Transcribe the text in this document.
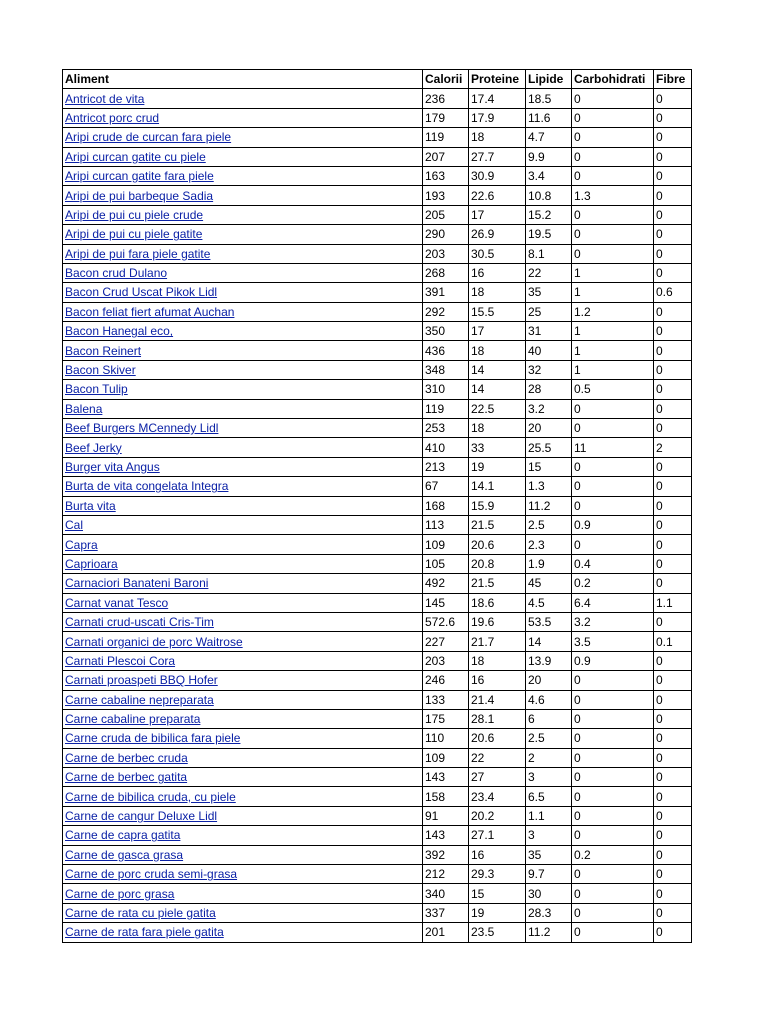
Aliment	Calorii	Proteine	Lipide	Carbohidrati	Fibre
Antricot de vita	236	17.4	18.5	0	0
Antricot porc crud	179	17.9	11.6	0	0
Aripi crude de curcan fara piele	119	18	4.7	0	0
Aripi curcan gatite cu piele	207	27.7	9.9	0	0
Aripi curcan gatite fara piele	163	30.9	3.4	0	0
Aripi de pui barbeque Sadia	193	22.6	10.8	1.3	0
Aripi de pui cu piele crude	205	17	15.2	0	0
Aripi de pui cu piele gatite	290	26.9	19.5	0	0
Aripi de pui fara piele gatite	203	30.5	8.1	0	0
Bacon crud Dulano	268	16	22	1	0
Bacon Crud Uscat Pikok Lidl	391	18	35	1	0.6
Bacon feliat fiert afumat Auchan	292	15.5	25	1.2	0
Bacon Hanegal eco,	350	17	31	1	0
Bacon Reinert	436	18	40	1	0
Bacon Skiver	348	14	32	1	0
Bacon Tulip	310	14	28	0.5	0
Balena	119	22.5	3.2	0	0
Beef Burgers MCennedy Lidl	253	18	20	0	0
Beef Jerky	410	33	25.5	11	2
Burger vita Angus	213	19	15	0	0
Burta de vita congelata Integra	67	14.1	1.3	0	0
Burta vita	168	15.9	11.2	0	0
Cal	113	21.5	2.5	0.9	0
Capra	109	20.6	2.3	0	0
Caprioara	105	20.8	1.9	0.4	0
Carnaciori Banateni Baroni	492	21.5	45	0.2	0
Carnat vanat Tesco	145	18.6	4.5	6.4	1.1
Carnati crud-uscati Cris-Tim	572.6	19.6	53.5	3.2	0
Carnati organici de porc Waitrose	227	21.7	14	3.5	0.1
Carnati Plescoi Cora	203	18	13.9	0.9	0
Carnati proaspeti BBQ Hofer	246	16	20	0	0
Carne cabaline nepreparata	133	21.4	4.6	0	0
Carne cabaline preparata	175	28.1	6	0	0
Carne cruda de bibilica fara piele	110	20.6	2.5	0	0
Carne de berbec cruda	109	22	2	0	0
Carne de berbec gatita	143	27	3	0	0
Carne de bibilica cruda, cu piele	158	23.4	6.5	0	0
Carne de cangur Deluxe Lidl	91	20.2	1.1	0	0
Carne de capra gatita	143	27.1	3	0	0
Carne de gasca grasa	392	16	35	0.2	0
Carne de porc cruda semi-grasa	212	29.3	9.7	0	0
Carne de porc grasa	340	15	30	0	0
Carne de rata cu piele gatita	337	19	28.3	0	0
Carne de rata fara piele gatita	201	23.5	11.2	0	0
